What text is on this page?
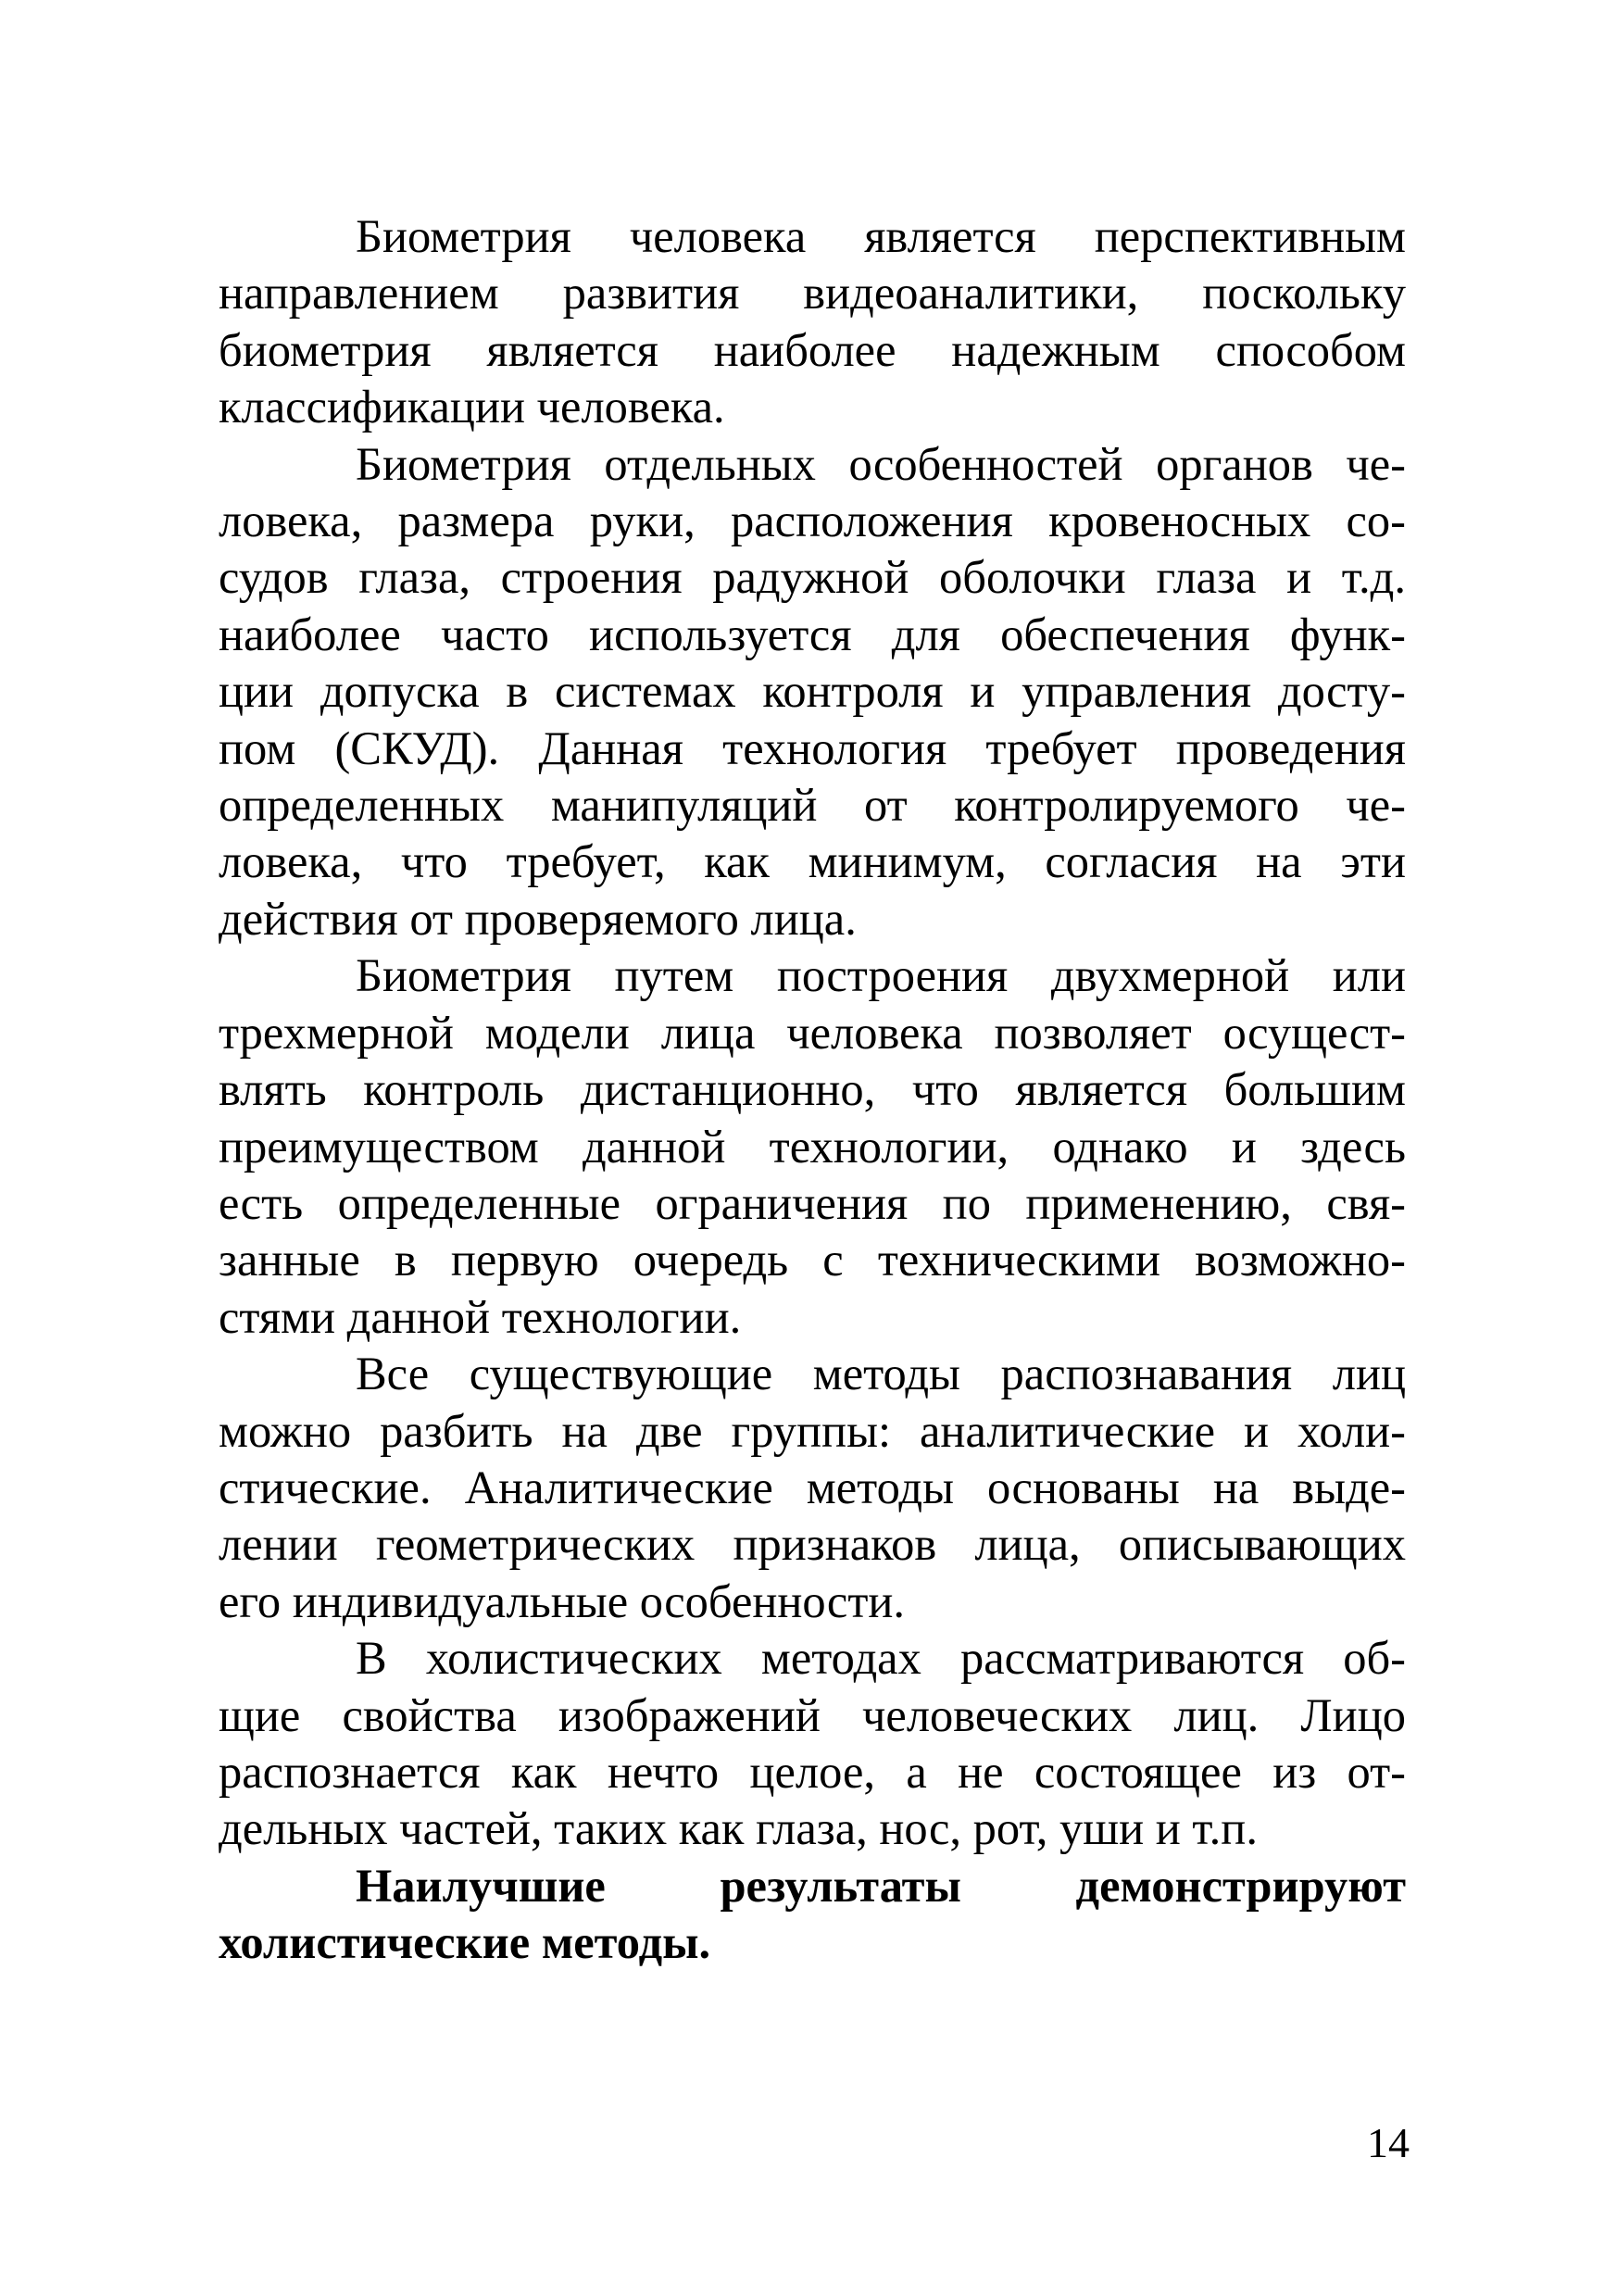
Биометрия человека является перспективным
направлением развития видеоаналитики, поскольку
биометрия является наиболее надежным способом
классификации человека.
Биометрия отдельных особенностей органов че-
ловека, размера руки, расположения кровеносных со-
судов глаза, строения радужной оболочки глаза и т.д.
наиболее часто используется для обеспечения функ-
ции допуска в системах контроля и управления досту-
пом (СКУД). Данная технология требует проведения
определенных манипуляций от контролируемого че-
ловека, что требует, как минимум, согласия на эти
действия от проверяемого лица.
Биометрия путем построения двухмерной или
трехмерной модели лица человека позволяет осущест-
влять контроль дистанционно, что является большим
преимуществом данной технологии, однако и здесь
есть определенные ограничения по применению, свя-
занные в первую очередь с техническими возможно-
стями данной технологии.
Все существующие методы распознавания лиц
можно разбить на две группы: аналитические и холи-
стические. Аналитические методы основаны на выде-
лении геометрических признаков лица, описывающих
его индивидуальные особенности.
В холистических методах рассматриваются об-
щие свойства изображений человеческих лиц. Лицо
распознается как нечто целое, а не состоящее из от-
дельных частей, таких как глаза, нос, рот, уши и т.п.
Наилучшие результаты демонстрируют
холистические методы.
14
